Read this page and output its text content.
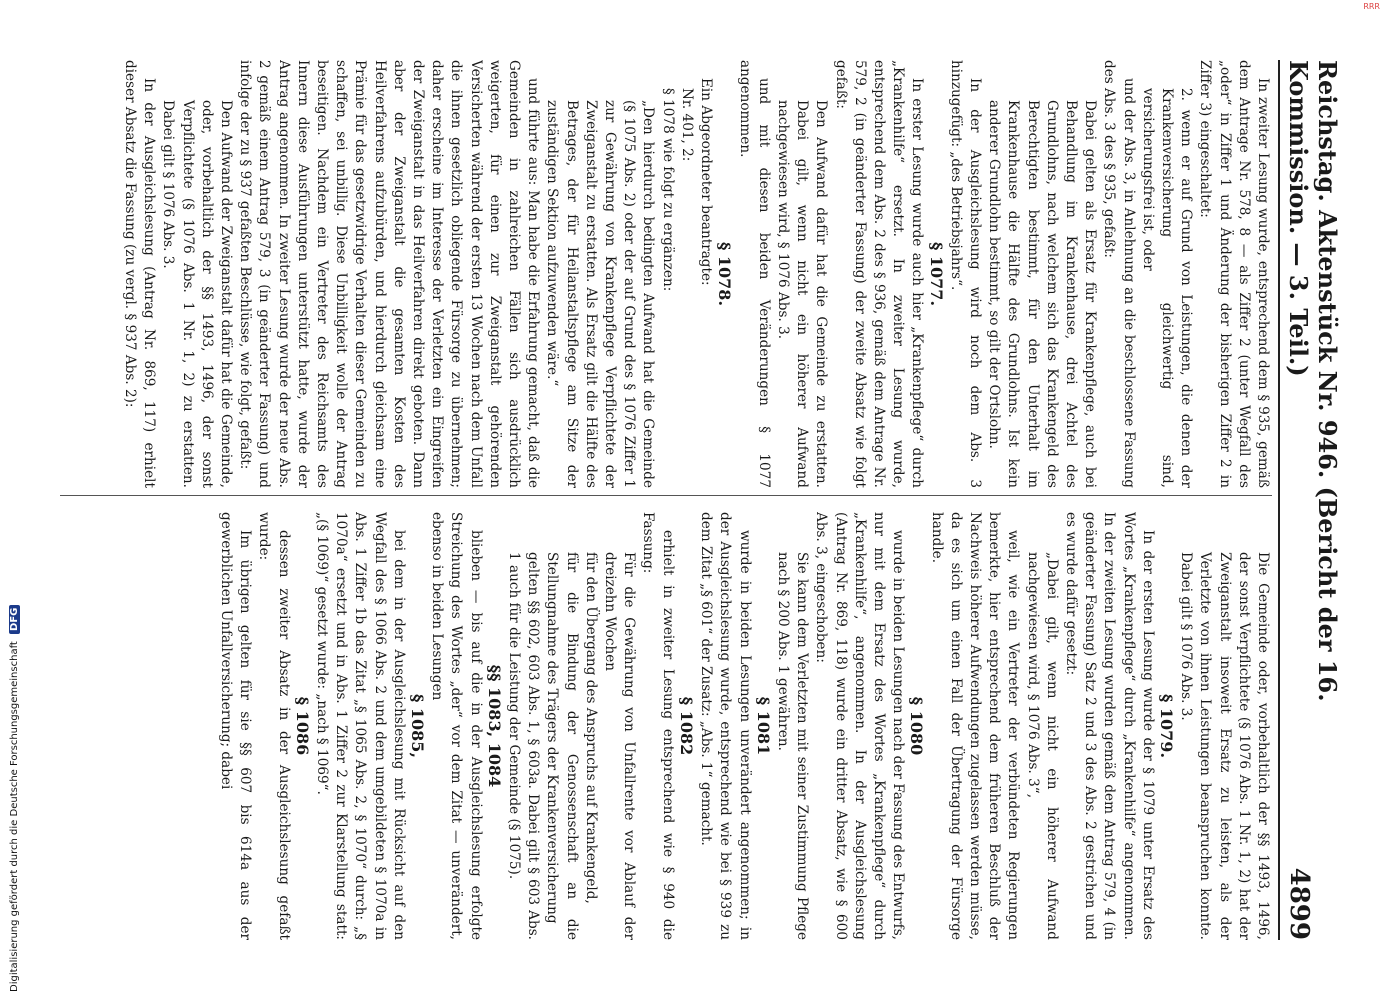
Reichstag. Aktenstück Nr. 946. (Bericht der 16. Kommission. — 3. Teil.)
4899

In zweiter Lesung wurde, entsprechend dem § 935, gemäß dem Antrage Nr. 578, 8 — als Ziffer 2 (unter Wegfall des „oder“ in Ziffer 1 und Änderung der bisherigen Ziffer 2 in Ziffer 3) eingeschaltet:

2. wenn er auf Grund von Leistungen, die denen der Krankenversicherung gleichwertig sind, versicherungsfrei ist, oder

und der Abs. 3, in Anlehnung an die beschlossene Fassung des Abs. 3 des § 935, gefaßt:

Dabei gelten als Ersatz für Krankenpflege, auch bei Behandlung im Krankenhause, drei Achtel des Grundlohns, nach welchem sich das Krankengeld des Berechtigten bestimmt, für den Unterhalt im Krankenhause die Hälfte des Grundlohns. Ist kein anderer Grundlohn bestimmt, so gilt der Ortslohn.

In der Ausgleichslesung wird noch dem Abs. 3 hinzugefügt: „des Betriebsjahrs“.

§ 1077.

In erster Lesung wurde auch hier „Krankenpflege“ durch „Krankenhilfe“ ersetzt. In zweiter Lesung wurde, entsprechend dem Abs. 2 des § 936, gemäß dem Antrage Nr. 579, 2 (in geänderter Fassung) der zweite Absatz wie folgt gefaßt:

Den Aufwand dafür hat die Gemeinde zu erstatten. Dabei gilt, wenn nicht ein höherer Aufwand nachgewiesen wird, § 1076 Abs. 3.

und mit diesen beiden Veränderungen § 1077 angenommen.

§ 1078.

Ein Abgeordneter beantragte:

Nr. 401, 2:

§ 1078 wie folgt zu ergänzen:

„Den hierdurch bedingten Aufwand hat die Gemeinde (§ 1075 Abs. 2) oder der auf Grund des § 1076 Ziffer 1 zur Gewährung von Krankenpflege Verpflichtete der Zweiganstalt zu erstatten. Als Ersatz gilt die Hälfte des Betrages, der für Heilanstaltspflege am Sitze der zuständigen Sektion aufzuwenden wäre.“

und führte aus: Man habe die Erfahrung gemacht, daß die Gemeinden in zahlreichen Fällen sich ausdrücklich weigerten, für einen zur Zweiganstalt gehörenden Versicherten während der ersten 13 Wochen nach dem Unfall die ihnen gesetzlich obliegende Fürsorge zu übernehmen; daher erscheine im Interesse der Verletzten ein Eingreifen der Zweiganstalt in das Heilverfahren direkt geboten. Dann aber der Zweiganstalt die gesamten Kosten des Heilverfahrens aufzubürden, und hierdurch gleichsam eine Prämie für das gesetzwidrige Verhalten dieser Gemeinden zu schaffen, sei unbillig. Diese Unbilligkeit wolle der Antrag beseitigen. Nachdem ein Vertreter des Reichsamts des Innern diese Ausführungen unterstützt hatte, wurde der Antrag angenommen. In zweiter Lesung wurde der neue Abs. 2 gemäß einem Antrag 579, 3 (in geänderter Fassung) und infolge der zu § 937 gefaßten Beschlüsse, wie folgt, gefaßt:

Den Aufwand der Zweiganstalt dafür hat die Gemeinde, oder, vorbehaltlich der §§ 1493, 1496, der sonst Verpflichtete (§ 1076 Abs. 1 Nr. 1, 2) zu erstatten. Dabei gilt § 1076 Abs. 3.

In der Ausgleichslesung (Antrag Nr. 869, 117) erhielt dieser Absatz die Fassung (zu vergl. § 937 Abs. 2):

Die Gemeinde oder, vorbehaltlich der §§ 1493, 1496, der sonst Verpflichtete (§ 1076 Abs. 1 Nr. 1, 2) hat der Zweiganstalt insoweit Ersatz zu leisten, als der Verletzte von ihnen Leistungen beanspruchen konnte. Dabei gilt § 1076 Abs. 3.

§ 1079.

In der ersten Lesung wurde der § 1079 unter Ersatz des Wortes „Krankenpflege“ durch „Krankenhilfe“ angenommen. In der zweiten Lesung wurden gemäß dem Antrag 579, 4 (in geänderter Fassung) Satz 2 und 3 des Abs. 2 gestrichen und es wurde dafür gesetzt:

„Dabei gilt, wenn nicht ein höherer Aufwand nachgewiesen wird, § 1076 Abs. 3“,

weil, wie ein Vertreter der verbündeten Regierungen bemerkte, hier entsprechend dem früheren Beschluß der Nachweis höherer Aufwendungen zugelassen werden müsse, da es sich um einen Fall der Übertragung der Fürsorge handle.

§ 1080

wurde in beiden Lesungen nach der Fassung des Entwurfs, nur mit dem Ersatz des Wortes „Krankenpflege“ durch „Krankenhilfe“, angenommen. In der Ausgleichslesung (Antrag Nr. 869, 118) wurde ein dritter Absatz, wie § 600 Abs. 3, eingeschoben:

Sie kann dem Verletzten mit seiner Zustimmung Pflege nach § 200 Abs. 1 gewähren.

§ 1081

wurde in beiden Lesungen unverändert angenommen; in der Ausgleichslesung wurde, entsprechend wie bei § 939 zu dem Zitat „§ 601“ der Zusatz: „Abs. 1“ gemacht.

§ 1082

erhielt in zweiter Lesung entsprechend wie § 940 die Fassung:

Für die Gewährung von Unfallrente vor Ablauf der dreizehn Wochen

für den Übergang des Anspruchs auf Krankengeld,

für die Bindung der Genossenschaft an die Stellungnahme des Trägers der Krankenversicherung

gelten §§ 602, 603 Abs. 1, § 603a. Dabei gilt § 603 Abs. 1 auch für die Leistung der Gemeinde (§ 1075).

§§ 1083, 1084

blieben — bis auf die in der Ausgleichslesung erfolgte Streichung des Wortes „der“ vor dem Zitat — unverändert, ebenso in beiden Lesungen

§ 1085,

bei dem in der Ausgleichslesung mit Rücksicht auf den Wegfall des § 1066 Abs. 2 und dem umgebildeten § 1070a in Abs. 1 Ziffer 1b das Zitat „§ 1065 Abs. 2, § 1070“ durch: „§ 1070a“ ersetzt und in Abs. 1 Ziffer 2 zur Klarstellung statt: „(§ 1069)“ gesetzt wurde: „nach § 1069“.

§ 1086

dessen zweiter Absatz in der Ausgleichslesung gefaßt wurde:

Im übrigen gelten für sie §§ 607 bis 614a aus der gewerblichen Unfallversicherung; dabei

Digitalisierung gefördert durch die Deutsche Forschungsgemeinschaft DFG
RRR
